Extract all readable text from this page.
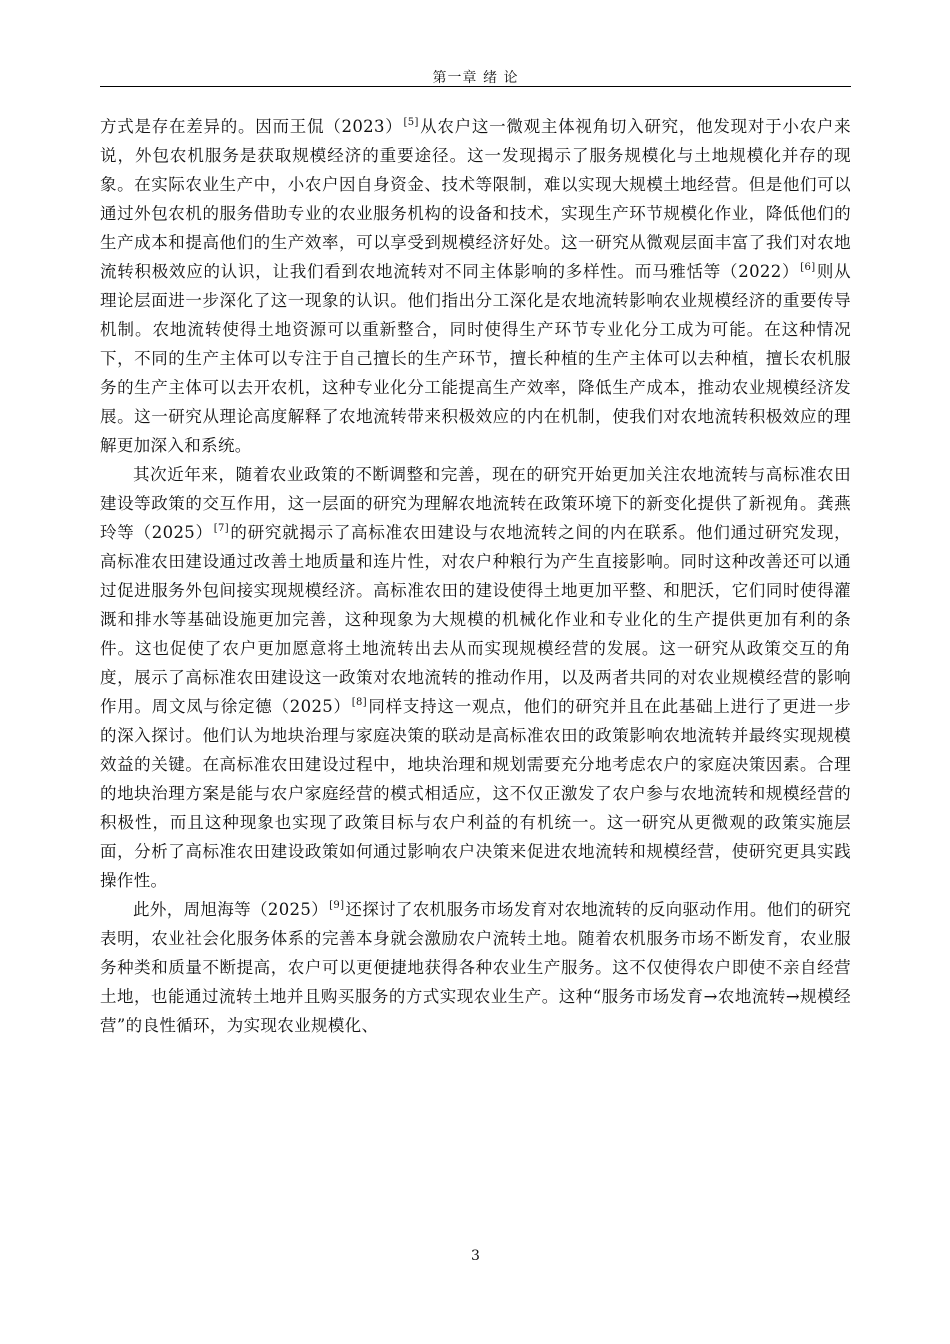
第一章 绪 论

方式是存在差异的。因而王侃（2023）[5]从农户这一微观主体视角切入研究，他发现对于小农户来说，外包农机服务是获取规模经济的重要途径。这一发现揭示了服务规模化与土地规模化并存的现象。在实际农业生产中，小农户因自身资金、技术等限制，难以实现大规模土地经营。但是他们可以通过外包农机的服务借助专业的农业服务机构的设备和技术，实现生产环节规模化作业，降低他们的生产成本和提高他们的生产效率，可以享受到规模经济好处。这一研究从微观层面丰富了我们对农地流转积极效应的认识，让我们看到农地流转对不同主体影响的多样性。而马雅恬等（2022）[6]则从理论层面进一步深化了这一现象的认识。他们指出分工深化是农地流转影响农业规模经济的重要传导机制。农地流转使得土地资源可以重新整合，同时使得生产环节专业化分工成为可能。在这种情况下，不同的生产主体可以专注于自己擅长的生产环节，擅长种植的生产主体可以去种植，擅长农机服务的生产主体可以去开农机，这种专业化分工能提高生产效率，降低生产成本，推动农业规模经济发展。这一研究从理论高度解释了农地流转带来积极效应的内在机制，使我们对农地流转积极效应的理解更加深入和系统。

其次近年来，随着农业政策的不断调整和完善，现在的研究开始更加关注农地流转与高标准农田建设等政策的交互作用，这一层面的研究为理解农地流转在政策环境下的新变化提供了新视角。龚燕玲等（2025）[7]的研究就揭示了高标准农田建设与农地流转之间的内在联系。他们通过研究发现，高标准农田建设通过改善土地质量和连片性，对农户种粮行为产生直接影响。同时这种改善还可以通过促进服务外包间接实现规模经济。高标准农田的建设使得土地更加平整、和肥沃，它们同时使得灌溉和排水等基础设施更加完善，这种现象为大规模的机械化作业和专业化的生产提供更加有利的条件。这也促使了农户更加愿意将土地流转出去从而实现规模经营的发展。这一研究从政策交互的角度，展示了高标准农田建设这一政策对农地流转的推动作用，以及两者共同的对农业规模经营的影响作用。周文凤与徐定德（2025）[8]同样支持这一观点，他们的研究并且在此基础上进行了更进一步的深入探讨。他们认为地块治理与家庭决策的联动是高标准农田的政策影响农地流转并最终实现规模效益的关键。在高标准农田建设过程中，地块治理和规划需要充分地考虑农户的家庭决策因素。合理的地块治理方案是能与农户家庭经营的模式相适应，这不仅正激发了农户参与农地流转和规模经营的积极性，而且这种现象也实现了政策目标与农户利益的有机统一。这一研究从更微观的政策实施层面，分析了高标准农田建设政策如何通过影响农户决策来促进农地流转和规模经营，使研究更具实践操作性。

此外，周旭海等（2025）[9]还探讨了农机服务市场发育对农地流转的反向驱动作用。他们的研究表明，农业社会化服务体系的完善本身就会激励农户流转土地。随着农机服务市场不断发育，农业服务种类和质量不断提高，农户可以更便捷地获得各种农业生产服务。这不仅使得农户即使不亲自经营土地，也能通过流转土地并且购买服务的方式实现农业生产。这种“服务市场发育→农地流转→规模经营”的良性循环，为实现农业规模化、

3
